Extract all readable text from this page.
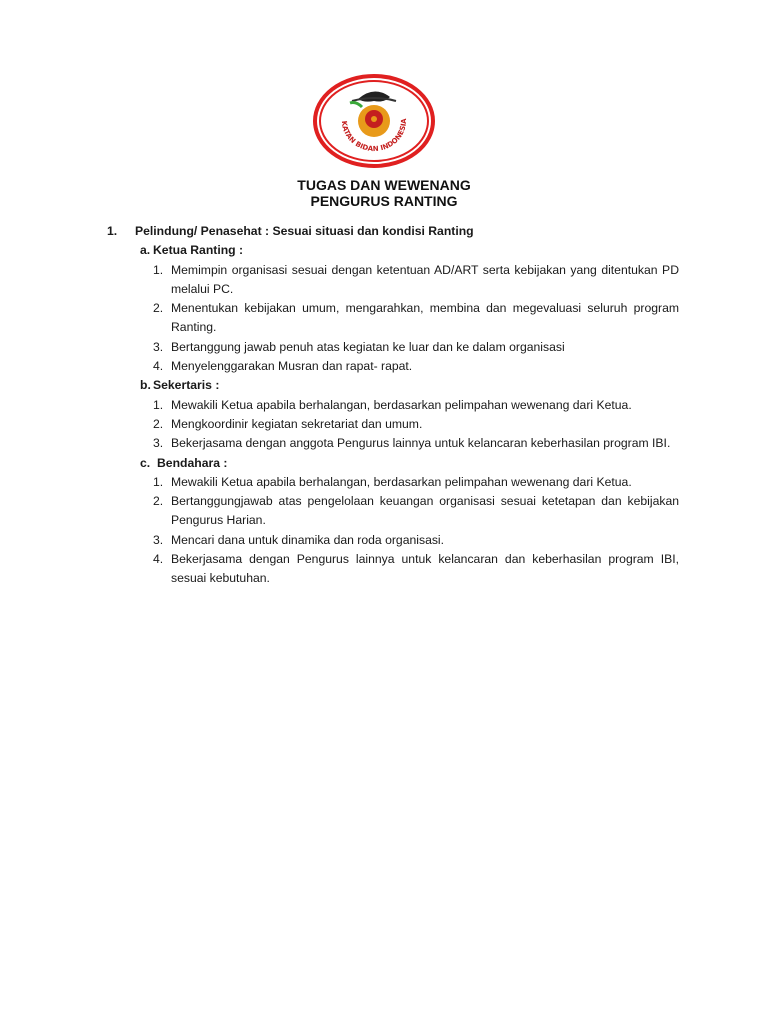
KATAN BIDAN INDONESIA
TUGAS DAN WEWENANG
PENGURUS RANTING
1.	Pelindung/ Penasehat : Sesuai situasi dan kondisi Ranting
a. Ketua Ranting :
1. Memimpin organisasi sesuai dengan ketentuan AD/ART serta kebijakan yang ditentukan PD melalui PC.
2. Menentukan kebijakan umum, mengarahkan, membina dan megevaluasi seluruh program Ranting.
3. Bertanggung jawab penuh atas kegiatan ke luar dan ke dalam organisasi
4. Menyelenggarakan Musran dan rapat- rapat.
b. Sekertaris :
1. Mewakili Ketua apabila berhalangan, berdasarkan pelimpahan wewenang dari Ketua.
2. Mengkoordinir kegiatan sekretariat dan umum.
3. Bekerjasama dengan anggota Pengurus lainnya untuk kelancaran keberhasilan program IBI.
c. Bendahara :
1. Mewakili Ketua apabila berhalangan, berdasarkan pelimpahan wewenang dari Ketua.
2. Bertanggungjawab atas pengelolaan keuangan organisasi sesuai ketetapan dan kebijakan Pengurus Harian.
3. Mencari dana untuk dinamika dan roda organisasi.
4. Bekerjasama dengan Pengurus lainnya untuk kelancaran dan keberhasilan program IBI, sesuai kebutuhan.
